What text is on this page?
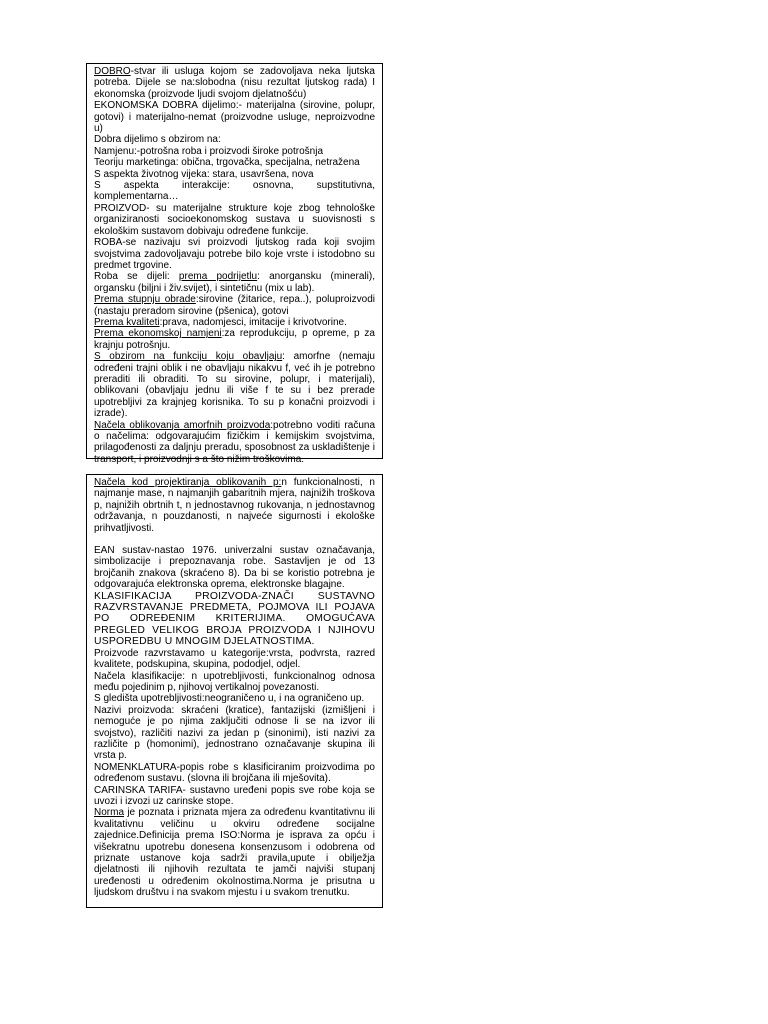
DOBRO-stvar ili usluga kojom se zadovoljava neka ljutska potreba. Dijele se na:slobodna (nisu rezultat ljutskog rada) I ekonomska (proizvode ljudi svojom djelatnošću)

EKONOMSKA DOBRA dijelimo:- materijalna (sirovine, polupr, gotovi) i materijalno-nemat (proizvodne usluge, neproizvodne u)

Dobra dijelimo s obzirom na:

Namjenu:-potrošna roba i proizvodi široke potrošnja

Teoriju marketinga: obična, trgovačka, specijalna, netražena

S aspekta životnog vijeka: stara, usavršena, nova

S aspekta interakcije: osnovna, supstitutivna, komplementarna…

PROIZVOD- su materijalne strukture koje zbog tehnološke organiziranosti socioekonomskog sustava u suovisnosti s ekološkim sustavom dobivaju određene funkcije.

ROBA-se nazivaju svi proizvodi ljutskog rada koji svojim svojstvima zadovoljavaju potrebe bilo koje vrste i istodobno su predmet trgovine.

Roba se dijeli: prema podrijetlu: anorgansku (minerali), organsku (biljni i živ.svijet), i sintetičnu (mix u lab).

Prema stupnju obrade:sirovine (žitarice, repa..), poluproizvodi (nastaju preradom sirovine (pšenica), gotovi

Prema kvaliteti:prava, nadomjesci, imitacije i krivotvorine.

Prema ekonomskoj namjeni:za reprodukciju, p opreme, p za krajnju potrošnju.

S obzirom na funkciju koju obavljaju: amorfne (nemaju određeni trajni oblik i ne obavljaju nikakvu f, već ih je potrebno preraditi ili obraditi. To su sirovine, polupr, i materijali), oblikovani (obavljaju jednu ili više f te su i bez prerade upotrebljivi za krajnjeg korisnika. To su p konačni proizvodi i izrade).

Načela oblikovanja amorfnih proizvoda:potrebno voditi računa o načelima: odgovarajućim fizičkim i kemijskim svojstvima, prilagođenosti za daljnju preradu, sposobnost za uskladištenje i transport, i proizvodnji s a što nižim troškovima.

Načela kod projektiranja oblikovanih p:n funkcionalnosti, n najmanje mase, n najmanjih gabaritnih mjera, najnižih troškova p, najnižih obrtnih t, n jednostavnog rukovanja, n jednostavnog održavanja, n pouzdanosti, n najveće sigurnosti i ekološke prihvatljivosti.

EAN sustav-nastao 1976. univerzalni sustav označavanja, simbolizacije i prepoznavanja robe. Sastavljen je od 13 brojčanih znakova (skraćeno 8). Da bi se koristio potrebna je odgovarajuća elektronska oprema, elektronske blagajne.

KLASIFIKACIJA PROIZVODA-ZNAČI SUSTAVNO RAZVRSTAVANJE PREDMETA, POJMOVA ILI POJAVA PO ODREĐENIM KRITERIJIMA. OMOGUĆAVA PREGLED VELIKOG BROJA PROIZVODA I NJIHOVU USPOREDBU U MNOGIM DJELATNOSTIMA.

Proizvode razvrstavamo u kategorije:vrsta, podvrsta, razred kvalitete, podskupina, skupina, pododjel, odjel.

Načela klasifikacije: n upotrebljivosti, funkcionalnog odnosa među pojedinim p, njihovoj vertikalnoj povezanosti.

S gledišta upotrebljivosti:neograničeno u, i na ograničeno up.

Nazivi proizvoda: skraćeni (kratice), fantazijski (izmišljeni i nemoguće je po njima zaključiti odnose li se na izvor ili svojstvo), različiti nazivi za jedan p (sinonimi), isti nazivi za različite p (homonimi), jednostrano označavanje skupina ili vrsta p.

NOMENKLATURA-popis robe s klasificiranim proizvodima po određenom sustavu. (slovna ili brojčana ili mješovita).

CARINSKA TARIFA- sustavno uređeni popis sve robe koja se uvozi i izvozi uz carinske stope.

Norma je poznata i priznata mjera za određenu kvantitativnu ili kvalitativnu veličinu u okviru određene socijalne zajednice.Definicija prema ISO:Norma je isprava za opću i višekratnu upotrebu donesena konsenzusom i odobrena od priznate ustanove koja sadrži pravila,upute i obilježja djelatnosti ili njihovih rezultata te jamči najviši stupanj uređenosti u određenim okolnostima.Norma je prisutna u ljudskom društvu i na svakom mjestu i u svakom trenutku.
